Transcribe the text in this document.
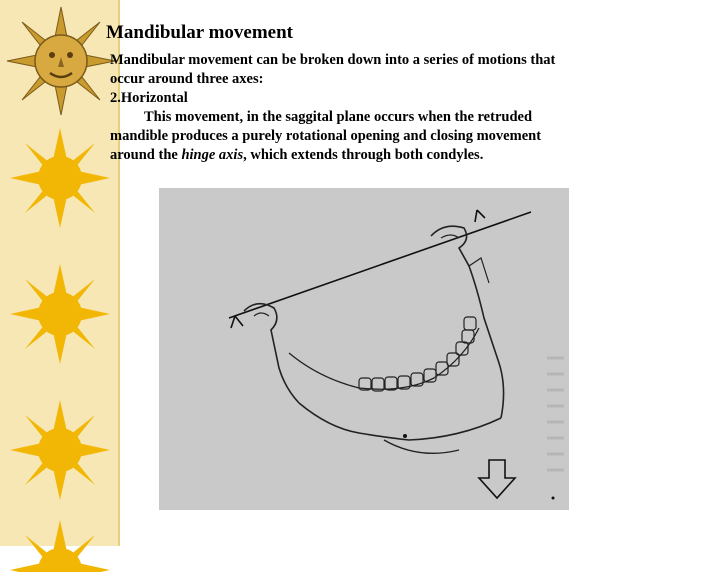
Mandibular movement

Mandibular movement can be broken down into a series of motions that

occur around three axes:

2.Horizontal

This movement, in the saggital plane occurs when the retruded

mandible produces a purely rotational opening and closing movement

around the hinge axis, which extends through both condyles.
